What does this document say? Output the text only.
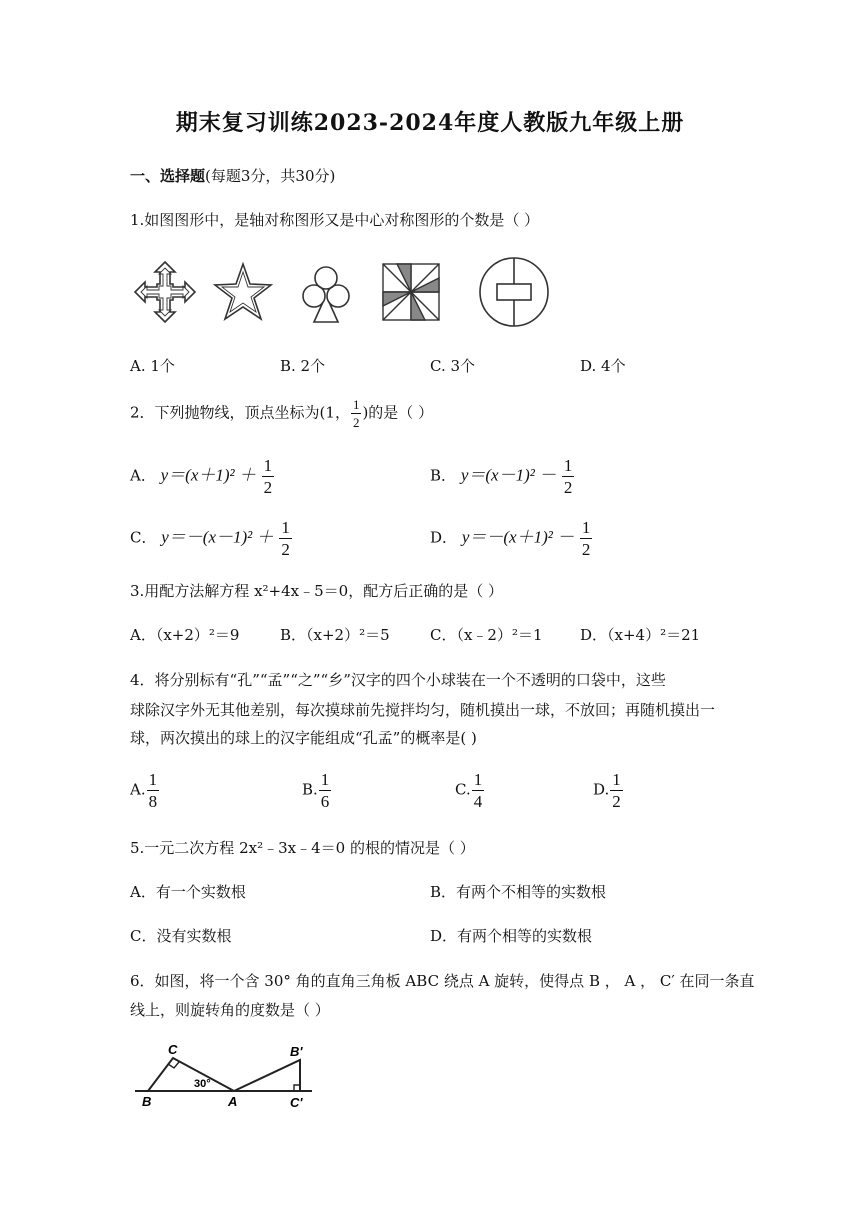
期末复习训练2023-2024年度人教版九年级上册
一、选择题(每题3分，共30分)
1.如图图形中，是轴对称图形又是中心对称图形的个数是（ ）
A. 1个	B. 2个	C. 3个	D. 4个
2．下列抛物线，顶点坐标为(1， $\frac{1}{2}$ )的是（ ）
A． $y=(x+1)^2 + \frac{1}{2}$	B． $y=(x-1)^2 - \frac{1}{2}$
C． $y=-(x-1)^2 + \frac{1}{2}$	D． $y=-(x+1)^2 - \frac{1}{2}$
3.用配方法解方程 x²+4x﹣5＝0，配方后正确的是（ ）
A．（x+2）²＝9	B．（x+2）²＝5	C．（x﹣2）²＝1 D．（x+4）²＝21
4．将分别标有“孔”“孟”“之”“乡”汉字的四个小球装在一个不透明的口袋中，这些
球除汉字外无其他差别，每次摸球前先搅拌均匀，随机摸出一球，不放回；再随机摸出一
球，两次摸出的球上的汉字能组成“孔孟”的概率是( )
A. $\frac{1}{8}$	B. $\frac{1}{6}$	C. $\frac{1}{4}$	D. $\frac{1}{2}$
5.一元二次方程 2x²﹣3x﹣4＝0 的根的情况是（ ）
A．有一个实数根	B．有两个不相等的实数根
C．没有实数根	D．有两个相等的实数根
6．如图，将一个含 30° 角的直角三角板 ABC 绕点 A 旋转，使得点 B ， A ， C′ 在同一条直
线上，则旋转角的度数是（ ）
C
B	A
30°
B'
C'
